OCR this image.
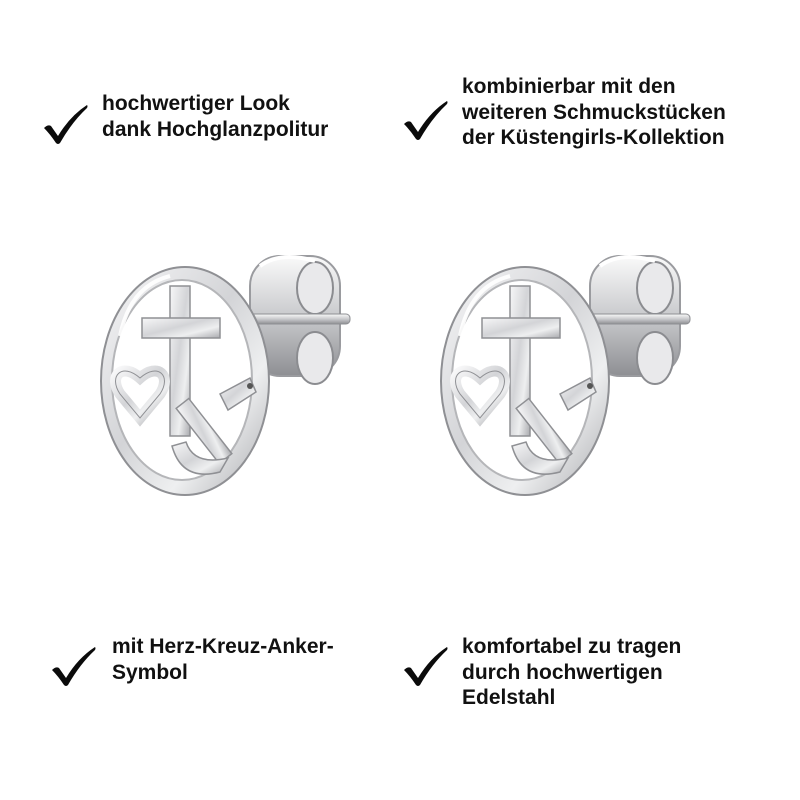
hochwertiger Look
dank Hochglanzpolitur
kombinierbar mit den
weiteren Schmuckstücken
der Küstengirls-Kollektion
mit Herz-Kreuz-Anker-
Symbol
komfortabel zu tragen
durch hochwertigen
Edelstahl
